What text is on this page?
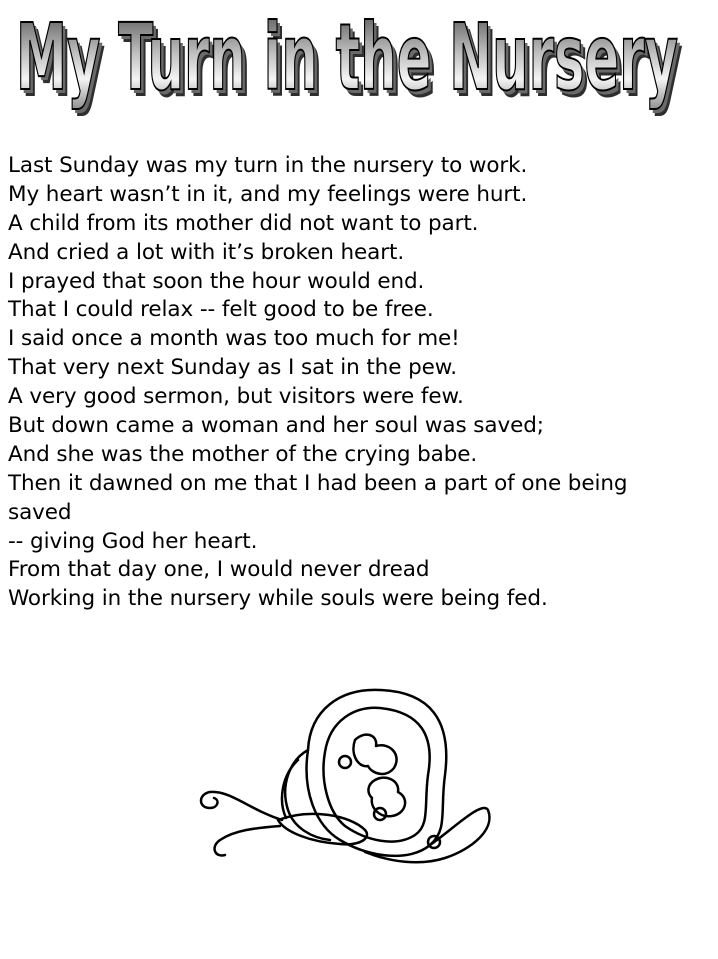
My Turn in the Nursery
My Turn in the Nursery
My Turn in the Nursery
Last Sunday was my turn in the nursery to work.
My heart wasn’t in it, and my feelings were hurt.
A child from its mother did not want to part.
And cried a lot with it’s broken heart.
I prayed that soon the hour would end.
That I could relax -- felt good to be free.
I said once a month was too much for me!
That very next Sunday as I sat in the pew.
A very good sermon, but visitors were few.
But down came a woman and her soul was saved;
And she was the mother of the crying babe.
Then it dawned on me that I had been a part of one being
saved
-- giving God her heart.
From that day one, I would never dread
Working in the nursery while souls were being fed.
